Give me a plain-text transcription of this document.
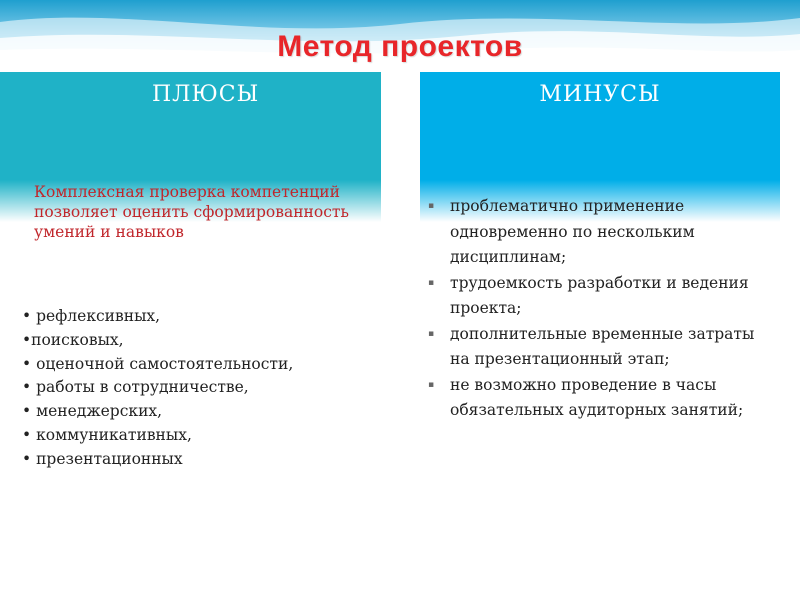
Метод проектов
ПЛЮСЫ	МИНУСЫ
Комплексная проверка компетенций позволяет оценить сформированность умений и навыков
• рефлексивных,
•поисковых,
• оценочной самостоятельности,
• работы в сотрудничестве,
• менеджерских,
• коммуникативных,
• презентационных
▪ проблематично применение одновременно по нескольким дисциплинам;
▪ трудоемкость разработки и ведения проекта;
▪ дополнительные временные затраты на презентационный этап;
▪ не возможно проведение в часы обязательных аудиторных занятий;
